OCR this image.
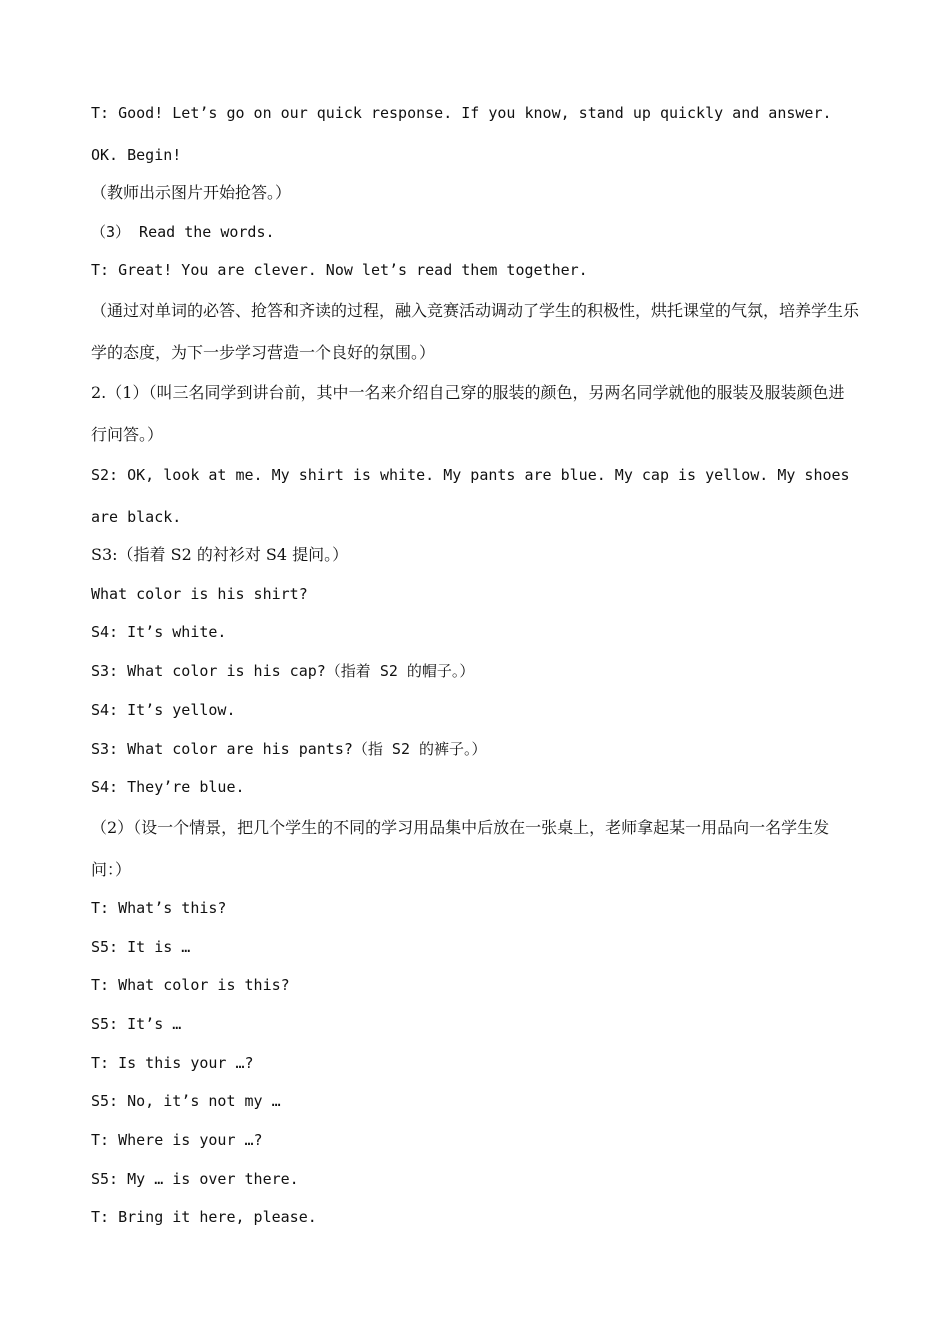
T: Good! Let’s go on our quick response. If you know, stand up quickly and answer. OK. Begin!
（教师出示图片开始抢答。）
（3） Read the words.
T: Great! You are clever. Now let’s read them together.
（通过对单词的必答、抢答和齐读的过程，融入竞赛活动调动了学生的积极性，烘托课堂的气氛，培养学生乐学的态度，为下一步学习营造一个良好的氛围。）
2.（1）（叫三名同学到讲台前，其中一名来介绍自己穿的服装的颜色，另两名同学就他的服装及服装颜色进行问答。）
S2: OK, look at me. My shirt is white. My pants are blue. My cap is yellow. My shoes are black.
S3:（指着 S2 的衬衫对 S4 提问。）
What color is his shirt?
S4: It’s white.
S3: What color is his cap?（指着 S2 的帽子。）
S4: It’s yellow.
S3: What color are his pants?（指 S2 的裤子。）
S4: They’re blue.
（2）（设一个情景，把几个学生的不同的学习用品集中后放在一张桌上，老师拿起某一用品向一名学生发问：）
T: What’s this?
S5: It is …
T: What color is this?
S5: It’s …
T: Is this your …?
S5: No, it’s not my …
T: Where is your …?
S5: My … is over there.
T: Bring it here, please.
